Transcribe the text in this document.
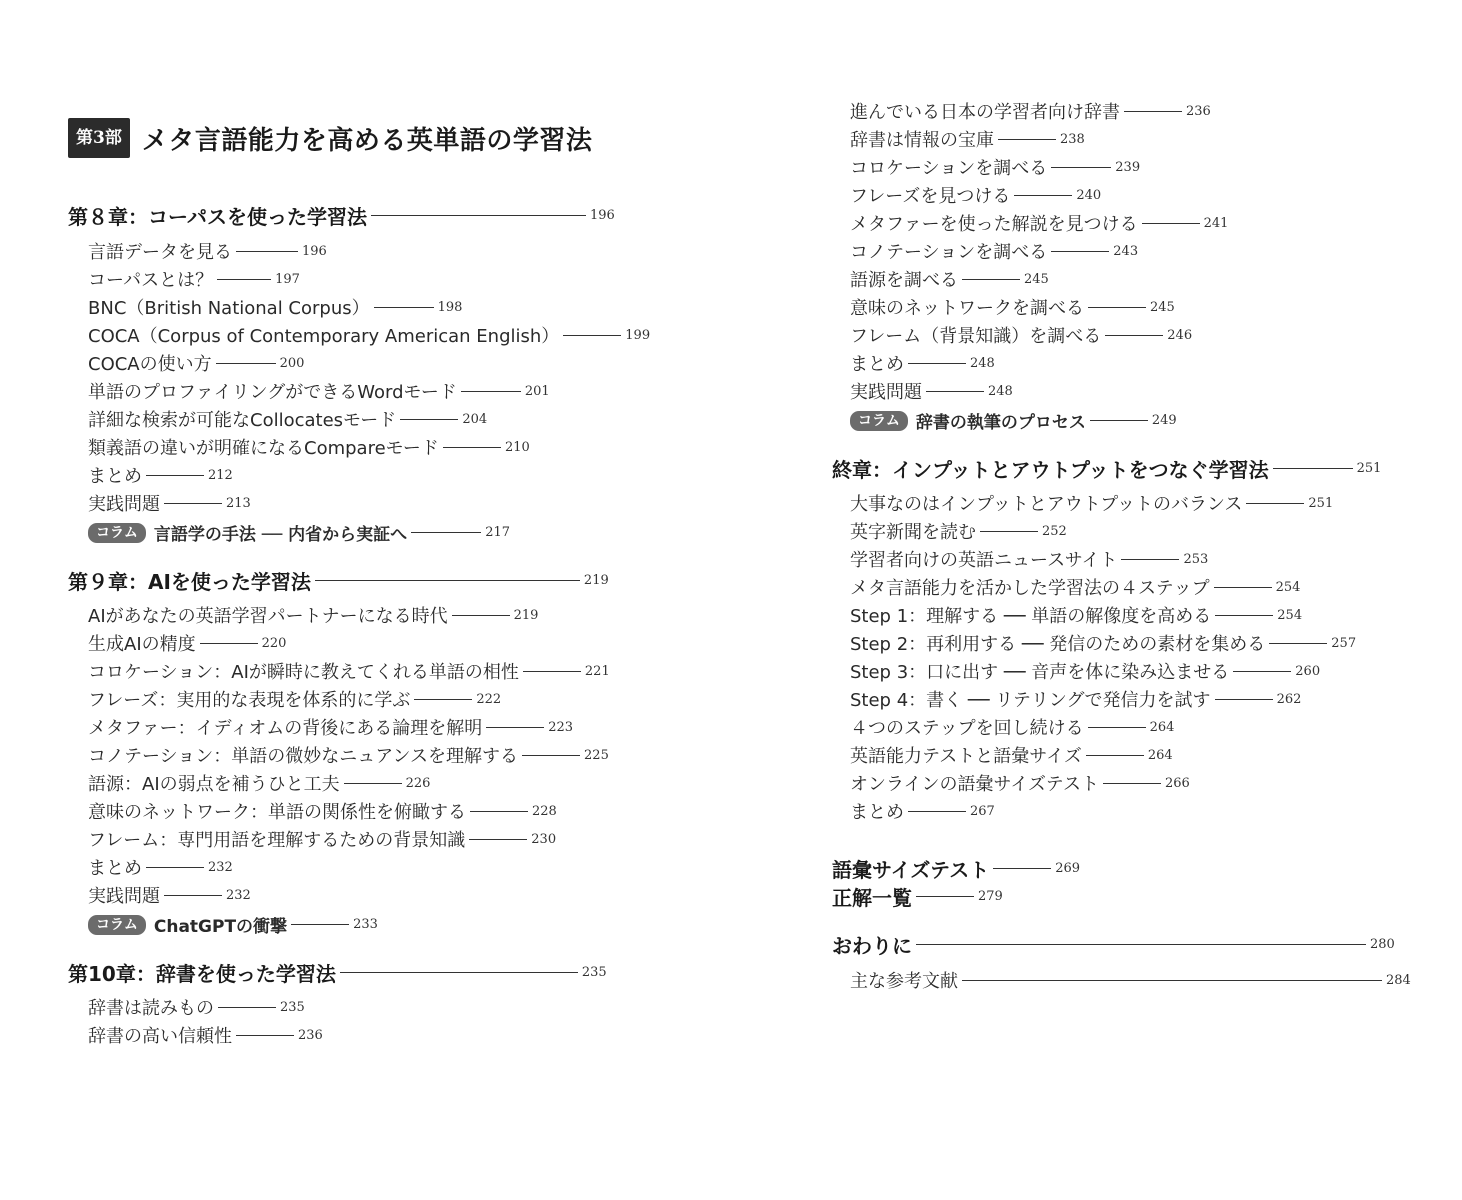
第3部 メタ言語能力を高める英単語の学習法
第８章：コーパスを使った学習法	196
言語データを見る	196
コーパスとは？	197
BNC（British National Corpus）	198
COCA（Corpus of Contemporary American English）	199
COCAの使い方	200
単語のプロファイリングができるWordモード	201
詳細な検索が可能なCollocatesモード	204
類義語の違いが明確になるCompareモード	210
まとめ	212
実践問題	213
コラム 言語学の手法 ── 内省から実証へ	217
第９章：AIを使った学習法	219
AIがあなたの英語学習パートナーになる時代	219
生成AIの精度	220
コロケーション：AIが瞬時に教えてくれる単語の相性	221
フレーズ：実用的な表現を体系的に学ぶ	222
メタファー：イディオムの背後にある論理を解明	223
コノテーション：単語の微妙なニュアンスを理解する	225
語源：AIの弱点を補うひと工夫	226
意味のネットワーク：単語の関係性を俯瞰する	228
フレーム：専門用語を理解するための背景知識	230
まとめ	232
実践問題	232
コラム ChatGPTの衝撃	233
第10章：辞書を使った学習法	235
辞書は読みもの	235
辞書の高い信頼性	236
進んでいる日本の学習者向け辞書	236
辞書は情報の宝庫	238
コロケーションを調べる	239
フレーズを見つける	240
メタファーを使った解説を見つける	241
コノテーションを調べる	243
語源を調べる	245
意味のネットワークを調べる	245
フレーム（背景知識）を調べる	246
まとめ	248
実践問題	248
コラム 辞書の執筆のプロセス	249
終章：インプットとアウトプットをつなぐ学習法	251
大事なのはインプットとアウトプットのバランス	251
英字新聞を読む	252
学習者向けの英語ニュースサイト	253
メタ言語能力を活かした学習法の４ステップ	254
Step 1：理解する ── 単語の解像度を高める	254
Step 2：再利用する ── 発信のための素材を集める	257
Step 3：口に出す ── 音声を体に染み込ませる	260
Step 4：書く ── リテリングで発信力を試す	262
４つのステップを回し続ける	264
英語能力テストと語彙サイズ	264
オンラインの語彙サイズテスト	266
まとめ	267
語彙サイズテスト	269
正解一覧	279
おわりに	280
主な参考文献	284
